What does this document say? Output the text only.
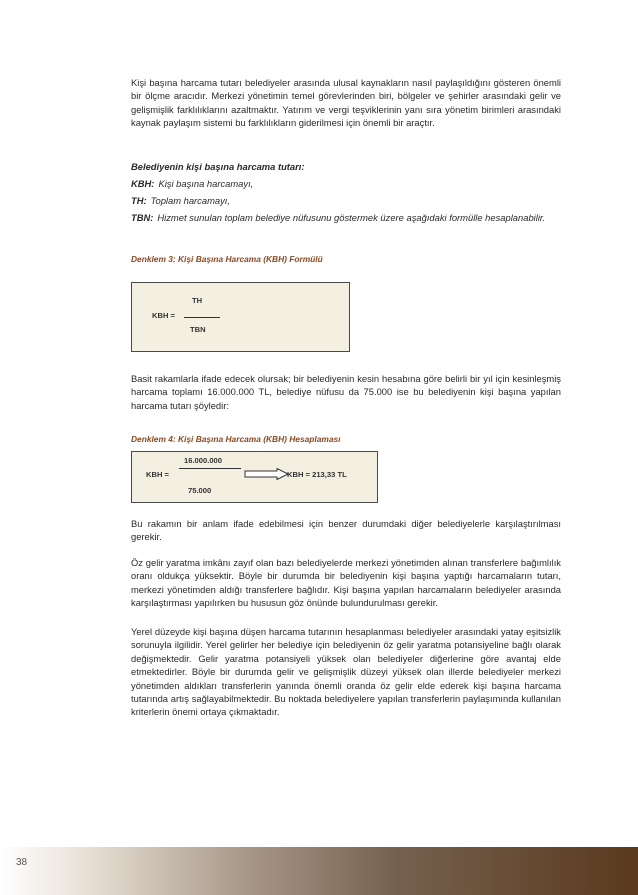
Kişi başına harcama tutarı belediyeler arasında ulusal kaynakların nasıl paylaşıldığını gösteren önemli bir ölçme aracıdır. Merkezi yönetimin temel görevlerinden biri, bölgeler ve şehirler arasındaki gelir ve gelişmişlik farklılıklarını azaltmaktır. Yatırım ve vergi teşviklerinin yanı sıra yönetim birimleri arasındaki kaynak paylaşım sistemi bu farklılıkların giderilmesi için önemli bir araçtır.

Belediyenin kişi başına harcama tutarı:

KBH: Kişi başına harcamayı,

TH: Toplam harcamayı,

TBN: Hizmet sunulan toplam belediye nüfusunu göstermek üzere aşağıdaki formülle hesaplanabilir.

Denklem 3: Kişi Başına Harcama (KBH) Formülü
TH
KBH =
TBN

Basit rakamlarla ifade edecek olursak; bir belediyenin kesin hesabına göre belirli bir yıl için kesinleşmiş harcama toplamı 16.000.000 TL, belediye nüfusu da 75.000 ise bu belediyenin kişi başına yapılan harcama tutarı şöyledir:

Denklem 4: Kişi Başına Harcama (KBH) Hesaplaması
16.000.000
KBH =	KBH = 213,33 TL
75.000

Bu rakamın bir anlam ifade edebilmesi için benzer durumdaki diğer belediyelerle karşılaştırılması gerekir.

Öz gelir yaratma imkânı zayıf olan bazı belediyelerde merkezi yönetimden alınan transferlere bağımlılık oranı oldukça yüksektir. Böyle bir durumda bir belediyenin kişi başına yaptığı harcamaların tutarı, merkezi yönetimden aldığı transferlere bağlıdır. Kişi başına yapılan harcamaların belediyeler arasında karşılaştırması yapılırken bu hususun göz önünde bulundurulması gerekir.

Yerel düzeyde kişi başına düşen harcama tutarının hesaplanması belediyeler arasındaki yatay eşitsizlik sorunuyla ilgilidir. Yerel gelirler her belediye için belediyenin öz gelir yaratma potansiyeline bağlı olarak değişmektedir. Gelir yaratma potansiyeli yüksek olan belediyeler diğerlerine göre avantaj elde etmektedirler. Böyle bir durumda gelir ve gelişmişlik düzeyi yüksek olan illerde belediyeler merkezi yönetimden aldıkları transferlerin yanında önemli oranda öz gelir elde ederek kişi başına harcama tutarında artış sağlayabilmektedir. Bu noktada belediyelere yapılan transferlerin paylaşımında kullanılan kriterlerin önemi ortaya çıkmaktadır.

38
